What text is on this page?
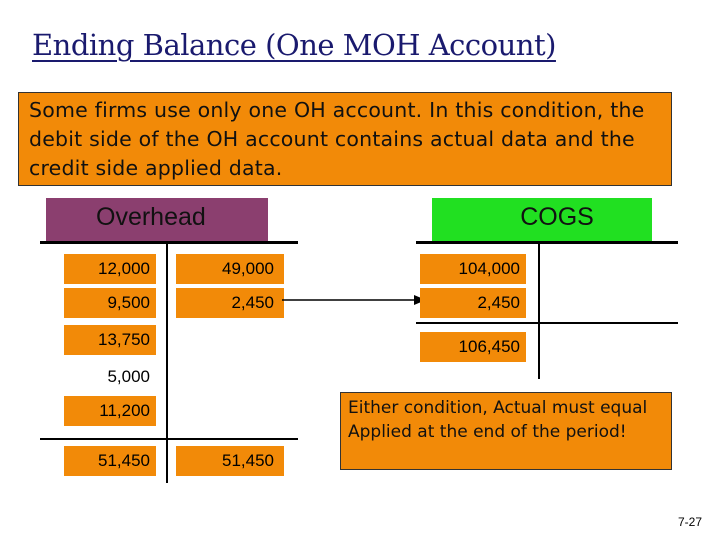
Ending Balance (One MOH Account)
Some firms use only one OH account. In this condition, the debit side of the OH account contains actual data and the credit side applied data.
Overhead
12,000
9,500
13,750
5,000
11,200
51,450
49,000
2,450
51,450
COGS
104,000
2,450
106,450
Either condition, Actual must equal Applied at the end of the period!
7-27
